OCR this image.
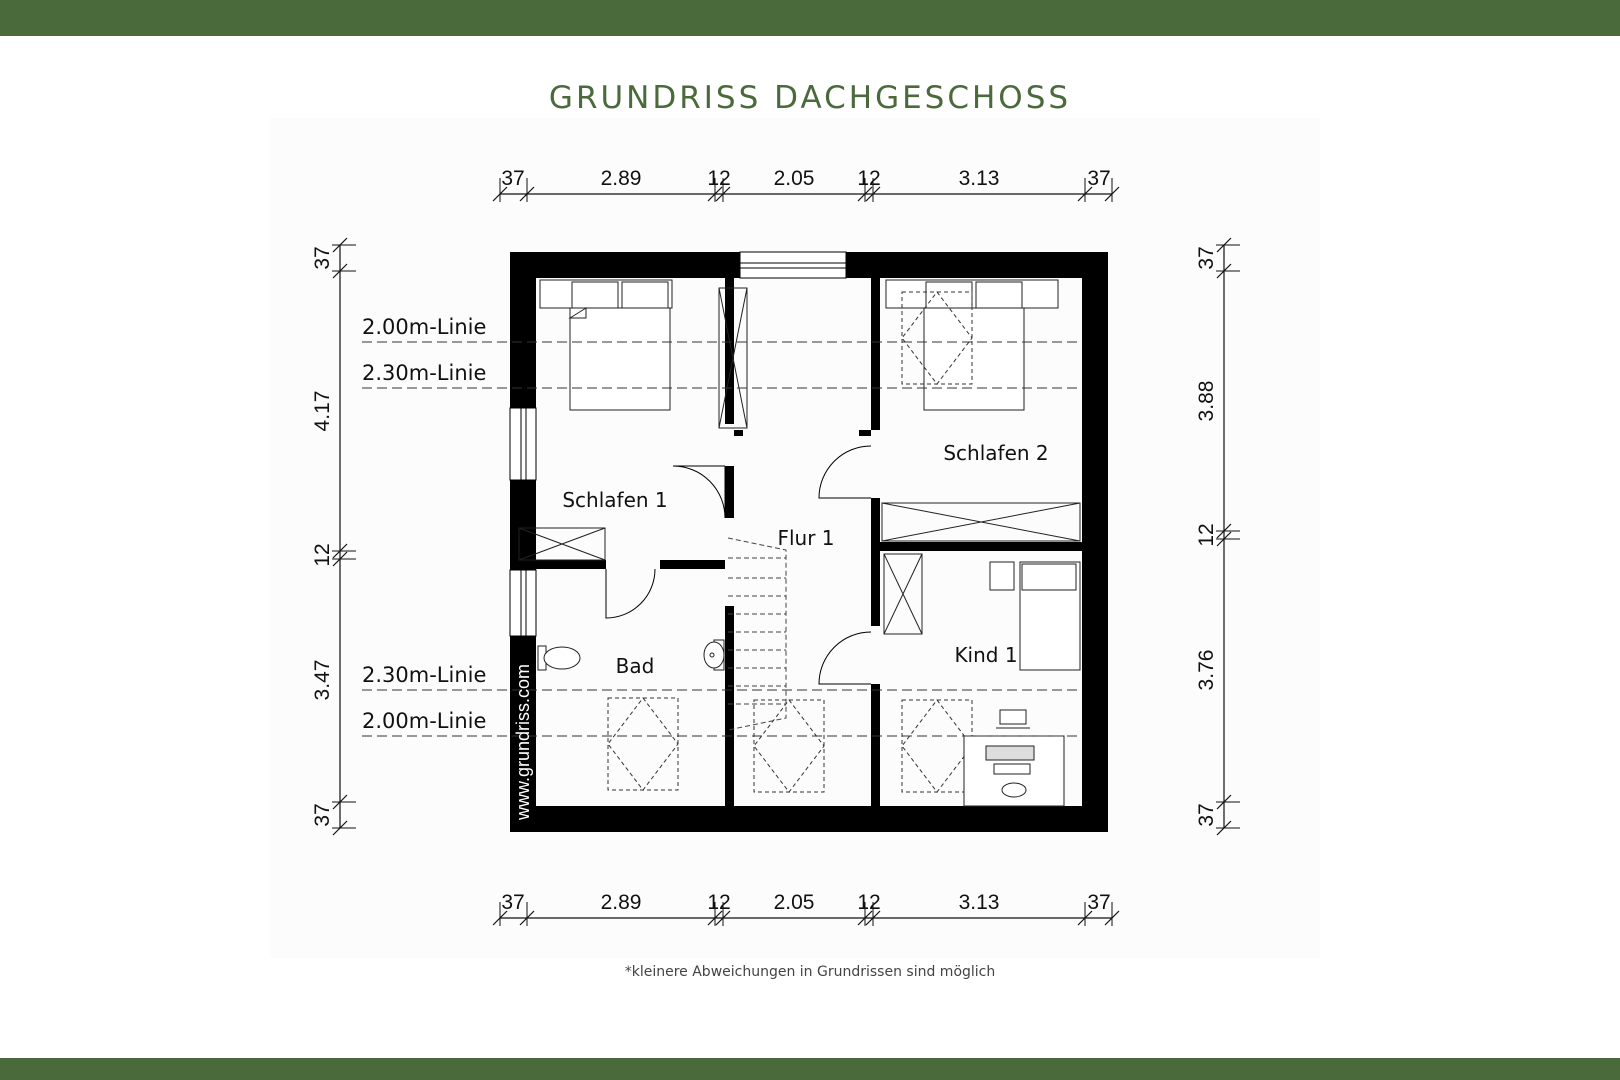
GRUNDRISS DACHGESCHOSS
37	2.89	12 2.05 12	3.13	37
37	2.89	12 2.05 12	3.13	37
37
4.17
12
3.47
37
37
3.88
12
3.76
37
2.00m-Linie
2.30m-Linie
2.30m-Linie
2.00m-Linie
Schlafen 1
Schlafen 2
Flur 1
Bad	Kind 1
www.grundriss.com
*kleinere Abweichungen in Grundrissen sind möglich
